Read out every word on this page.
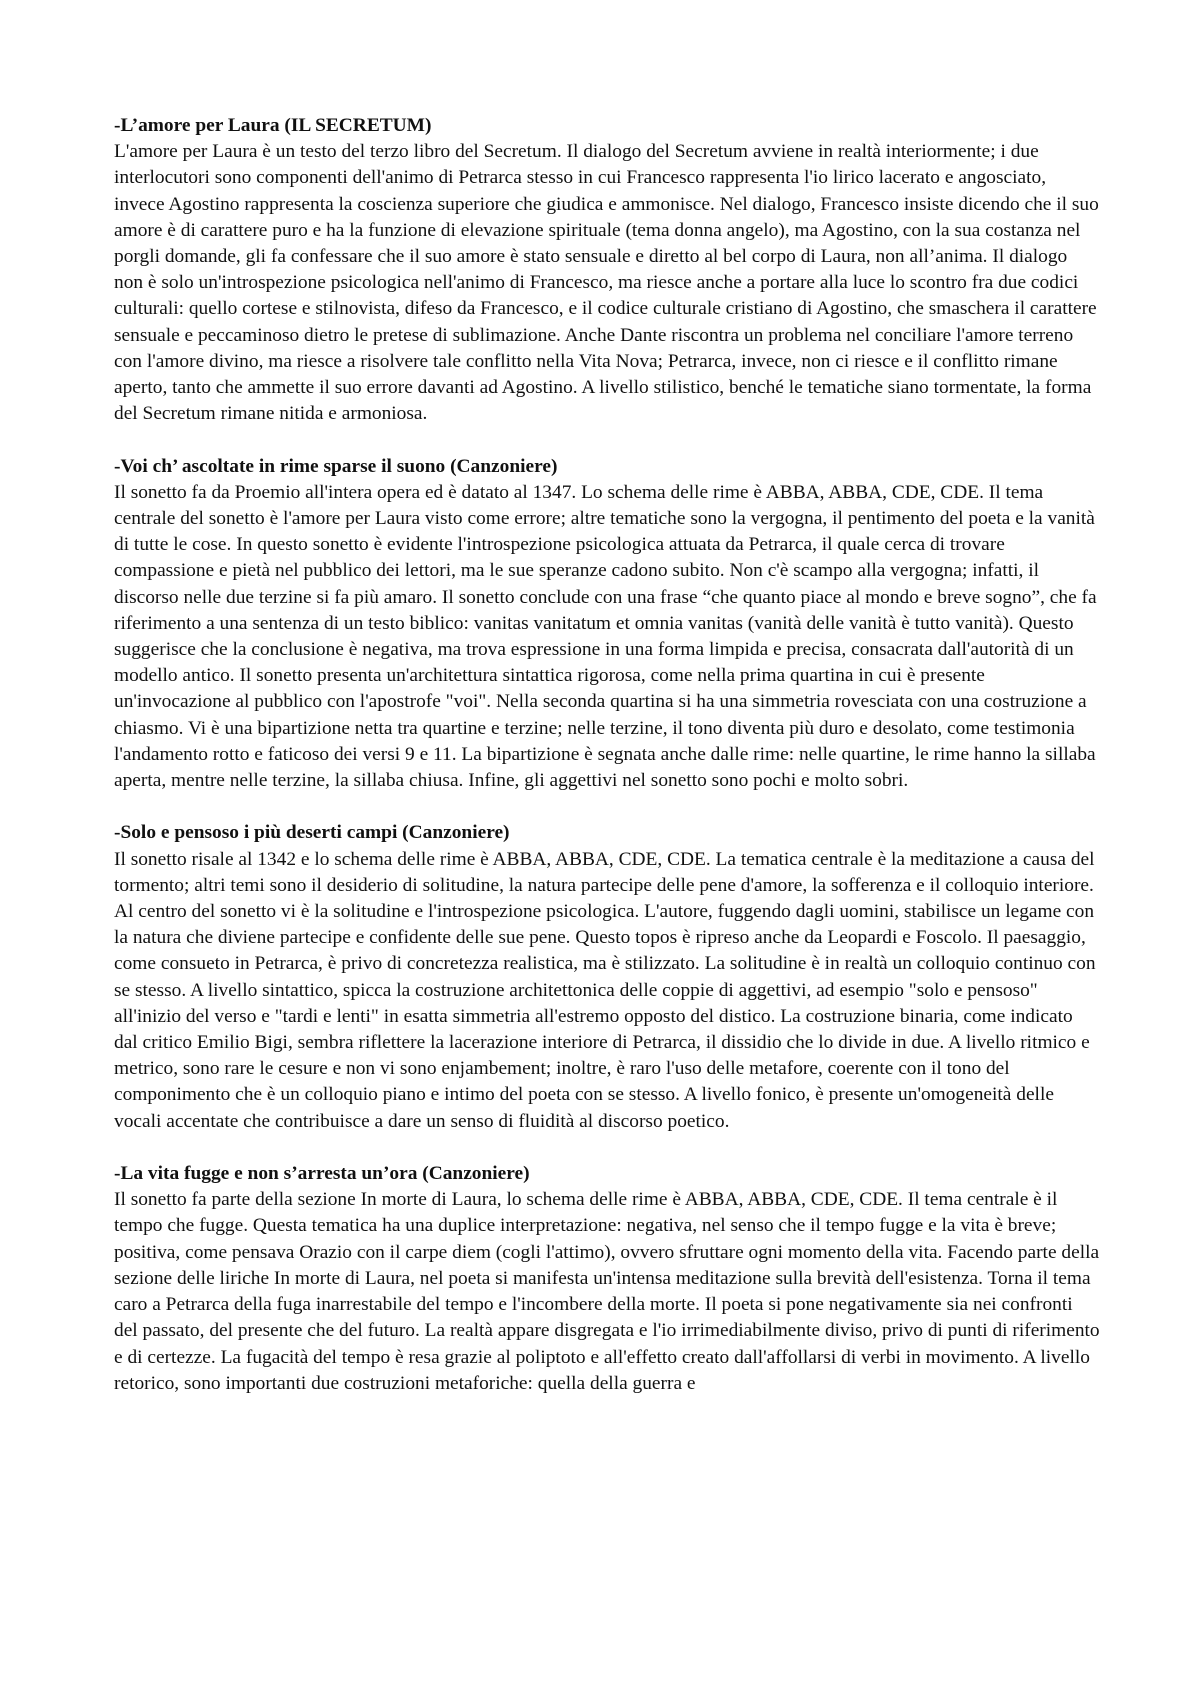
-L’amore per Laura (IL SECRETUM)

L'amore per Laura è un testo del terzo libro del Secretum. Il dialogo del Secretum avviene in realtà interiormente; i due interlocutori sono componenti dell'animo di Petrarca stesso in cui Francesco rappresenta l'io lirico lacerato e angosciato, invece Agostino rappresenta la coscienza superiore che giudica e ammonisce. Nel dialogo, Francesco insiste dicendo che il suo amore è di carattere puro e ha la funzione di elevazione spirituale (tema donna angelo), ma Agostino, con la sua costanza nel porgli domande, gli fa confessare che il suo amore è stato sensuale e diretto al bel corpo di Laura, non all’anima. Il dialogo non è solo un'introspezione psicologica nell'animo di Francesco, ma riesce anche a portare alla luce lo scontro fra due codici culturali: quello cortese e stilnovista, difeso da Francesco, e il codice culturale cristiano di Agostino, che smaschera il carattere sensuale e peccaminoso dietro le pretese di sublimazione. Anche Dante riscontra un problema nel conciliare l'amore terreno con l'amore divino, ma riesce a risolvere tale conflitto nella Vita Nova; Petrarca, invece, non ci riesce e il conflitto rimane aperto, tanto che ammette il suo errore davanti ad Agostino. A livello stilistico, benché le tematiche siano tormentate, la forma del Secretum rimane nitida e armoniosa.

-Voi ch’ ascoltate in rime sparse il suono (Canzoniere)

Il sonetto fa da Proemio all'intera opera ed è datato al 1347. Lo schema delle rime è ABBA, ABBA, CDE, CDE. Il tema centrale del sonetto è l'amore per Laura visto come errore; altre tematiche sono la vergogna, il pentimento del poeta e la vanità di tutte le cose. In questo sonetto è evidente l'introspezione psicologica attuata da Petrarca, il quale cerca di trovare compassione e pietà nel pubblico dei lettori, ma le sue speranze cadono subito. Non c'è scampo alla vergogna; infatti, il discorso nelle due terzine si fa più amaro. Il sonetto conclude con una frase “che quanto piace al mondo e breve sogno”, che fa riferimento a una sentenza di un testo biblico: vanitas vanitatum et omnia vanitas (vanità delle vanità è tutto vanità). Questo suggerisce che la conclusione è negativa, ma trova espressione in una forma limpida e precisa, consacrata dall'autorità di un modello antico. Il sonetto presenta un'architettura sintattica rigorosa, come nella prima quartina in cui è presente un'invocazione al pubblico con l'apostrofe "voi". Nella seconda quartina si ha una simmetria rovesciata con una costruzione a chiasmo. Vi è una bipartizione netta tra quartine e terzine; nelle terzine, il tono diventa più duro e desolato, come testimonia l'andamento rotto e faticoso dei versi 9 e 11. La bipartizione è segnata anche dalle rime: nelle quartine, le rime hanno la sillaba aperta, mentre nelle terzine, la sillaba chiusa. Infine, gli aggettivi nel sonetto sono pochi e molto sobri.

-Solo e pensoso i più deserti campi (Canzoniere)

Il sonetto risale al 1342 e lo schema delle rime è ABBA, ABBA, CDE, CDE. La tematica centrale è la meditazione a causa del tormento; altri temi sono il desiderio di solitudine, la natura partecipe delle pene d'amore, la sofferenza e il colloquio interiore. Al centro del sonetto vi è la solitudine e l'introspezione psicologica. L'autore, fuggendo dagli uomini, stabilisce un legame con la natura che diviene partecipe e confidente delle sue pene. Questo topos è ripreso anche da Leopardi e Foscolo. Il paesaggio, come consueto in Petrarca, è privo di concretezza realistica, ma è stilizzato. La solitudine è in realtà un colloquio continuo con se stesso. A livello sintattico, spicca la costruzione architettonica delle coppie di aggettivi, ad esempio "solo e pensoso" all'inizio del verso e "tardi e lenti" in esatta simmetria all'estremo opposto del distico. La costruzione binaria, come indicato dal critico Emilio Bigi, sembra riflettere la lacerazione interiore di Petrarca, il dissidio che lo divide in due. A livello ritmico e metrico, sono rare le cesure e non vi sono enjambement; inoltre, è raro l'uso delle metafore, coerente con il tono del componimento che è un colloquio piano e intimo del poeta con se stesso. A livello fonico, è presente un'omogeneità delle vocali accentate che contribuisce a dare un senso di fluidità al discorso poetico.

-La vita fugge e non s’arresta un’ora (Canzoniere)

Il sonetto fa parte della sezione In morte di Laura, lo schema delle rime è ABBA, ABBA, CDE, CDE. Il tema centrale è il tempo che fugge. Questa tematica ha una duplice interpretazione: negativa, nel senso che il tempo fugge e la vita è breve; positiva, come pensava Orazio con il carpe diem (cogli l'attimo), ovvero sfruttare ogni momento della vita. Facendo parte della sezione delle liriche In morte di Laura, nel poeta si manifesta un'intensa meditazione sulla brevità dell'esistenza. Torna il tema caro a Petrarca della fuga inarrestabile del tempo e l'incombere della morte. Il poeta si pone negativamente sia nei confronti del passato, del presente che del futuro. La realtà appare disgregata e l'io irrimediabilmente diviso, privo di punti di riferimento e di certezze. La fugacità del tempo è resa grazie al poliptoto e all'effetto creato dall'affollarsi di verbi in movimento. A livello retorico, sono importanti due costruzioni metaforiche: quella della guerra e
